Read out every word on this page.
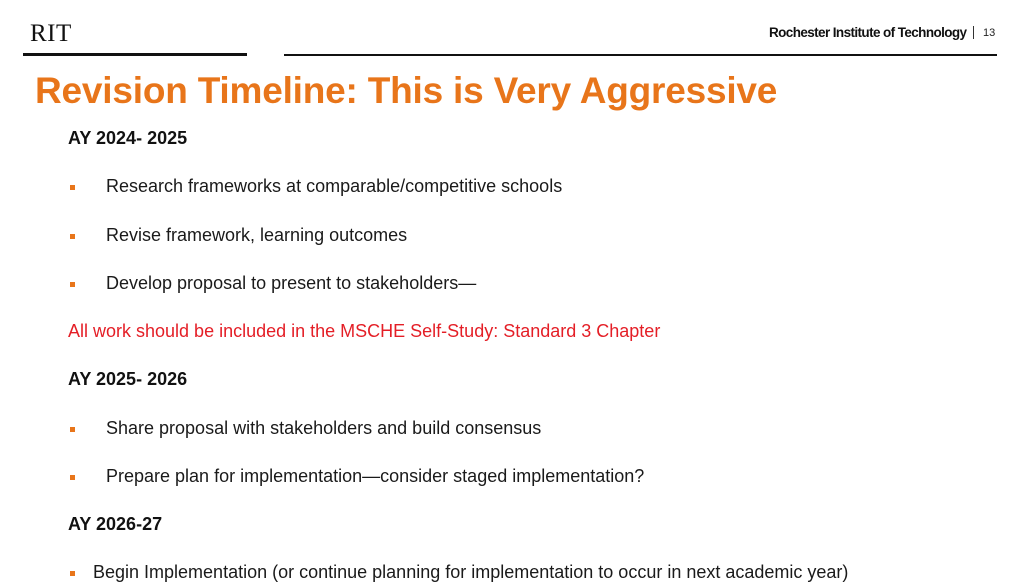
RIT	Rochester Institute of Technology 13
Revision Timeline: This is Very Aggressive
AY 2024- 2025
Research frameworks at comparable/competitive schools
Revise framework, learning outcomes
Develop proposal to present to stakeholders—
All work should be included in the MSCHE Self-Study: Standard 3 Chapter
AY 2025- 2026
Share proposal with stakeholders and build consensus
Prepare plan for implementation—consider staged implementation?
AY 2026-27
Begin Implementation (or continue planning for implementation to occur in next academic year)
